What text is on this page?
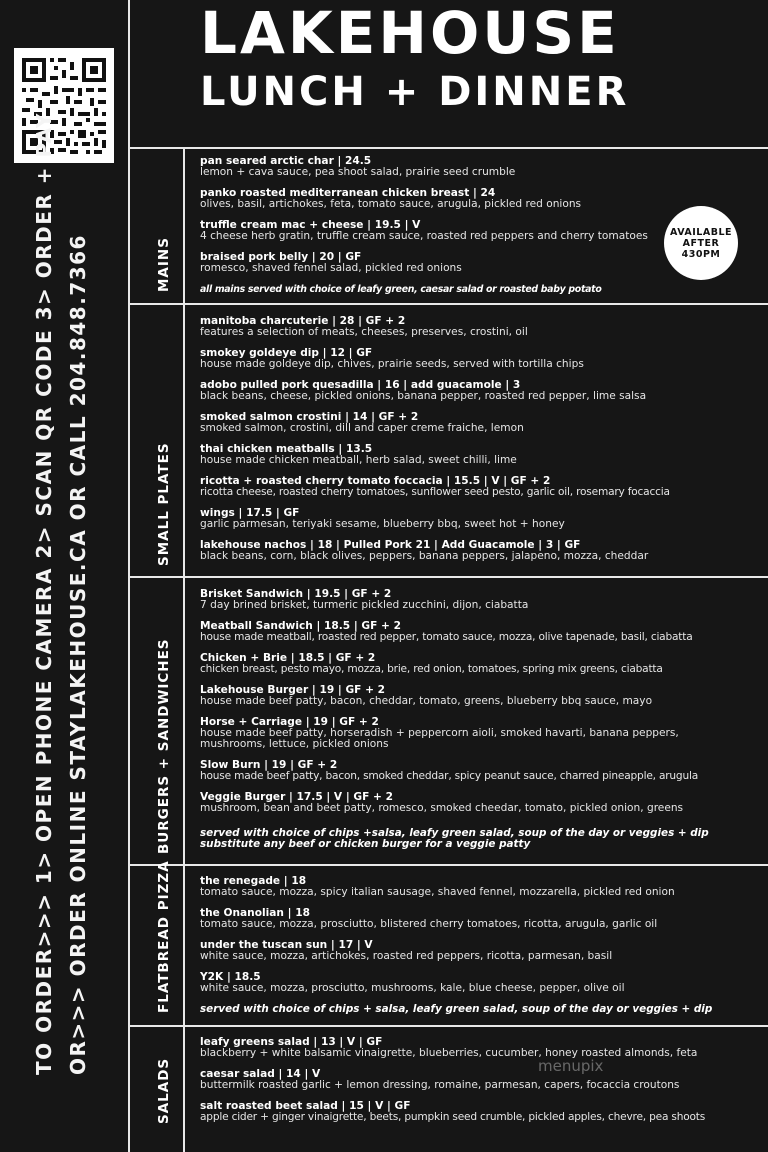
TO ORDER>>> 1> OPEN PHONE CAMERA 2> SCAN QR CODE 3> ORDER + PAY OR>>> ORDER ONLINE STAYLAKEHOUSE.CA OR CALL 204.848.7366
LAKEHOUSE
LUNCH + DINNER
MAINS
SMALL PLATES
BURGERS + SANDWICHES
FLATBREAD PIZZA
SALADS
pan seared arctic char | 24.5
lemon + cava sauce, pea shoot salad, prairie seed crumble
panko roasted mediterranean chicken breast | 24
olives, basil, artichokes, feta, tomato sauce, arugula, pickled red onions
truffle cream mac + cheese | 19.5 | V
4 cheese herb gratin, truffle cream sauce, roasted red peppers and cherry tomatoes
braised pork belly | 20 | GF
romesco, shaved fennel salad, pickled red onions
all mains served with choice of leafy green, caesar salad or roasted baby potato
AVAILABLE
AFTER
430PM
manitoba charcuterie | 28 | GF + 2
features a selection of meats, cheeses, preserves, crostini, oil
smokey goldeye dip | 12 | GF
house made goldeye dip, chives, prairie seeds, served with tortilla chips
adobo pulled pork quesadilla | 16 | add guacamole | 3
black beans, cheese, pickled onions, banana pepper, roasted red pepper, lime salsa
smoked salmon crostini | 14 | GF + 2
smoked salmon, crostini, dill and caper creme fraiche, lemon
thai chicken meatballs | 13.5
house made chicken meatball, herb salad, sweet chilli, lime
ricotta + roasted cherry tomato foccacia | 15.5 | V | GF + 2
ricotta cheese, roasted cherry tomatoes, sunflower seed pesto, garlic oil, rosemary focaccia
wings | 17.5 | GF
garlic parmesan, teriyaki sesame, blueberry bbq, sweet hot + honey
lakehouse nachos | 18 | Pulled Pork 21 | Add Guacamole | 3 | GF
black beans, corn, black olives, peppers, banana peppers, jalapeno, mozza, cheddar
Brisket Sandwich | 19.5 | GF + 2
7 day brined brisket, turmeric pickled zucchini, dijon, ciabatta
Meatball Sandwich | 18.5 | GF + 2
house made meatball, roasted red pepper, tomato sauce, mozza, olive tapenade, basil, ciabatta
Chicken + Brie | 18.5 | GF + 2
chicken breast, pesto mayo, mozza, brie, red onion, tomatoes, spring mix greens, ciabatta
Lakehouse Burger | 19 | GF + 2
house made beef patty, bacon, cheddar, tomato, greens, blueberry bbq sauce, mayo
Horse + Carriage | 19 | GF + 2
house made beef patty, horseradish + peppercorn aioli, smoked havarti, banana peppers,
mushrooms, lettuce, pickled onions
Slow Burn | 19 | GF + 2
house made beef patty, bacon, smoked cheddar, spicy peanut sauce, charred pineapple, arugula
Veggie Burger | 17.5 | V | GF + 2
mushroom, bean and beet patty, romesco, smoked cheedar, tomato, pickled onion, greens
served with choice of chips +salsa, leafy green salad, soup of the day or veggies + dip
substitute any beef or chicken burger for a veggie patty
the renegade | 18
tomato sauce, mozza, spicy italian sausage, shaved fennel, mozzarella, pickled red onion
the Onanolian | 18
tomato sauce, mozza, prosciutto, blistered cherry tomatoes, ricotta, arugula, garlic oil
under the tuscan sun | 17 | V
white sauce, mozza, artichokes, roasted red peppers, ricotta, parmesan, basil
Y2K | 18.5
white sauce, mozza, prosciutto, mushrooms, kale, blue cheese, pepper, olive oil
served with choice of chips + salsa, leafy green salad, soup of the day or veggies + dip
leafy greens salad | 13 | V | GF
blackberry + white balsamic vinaigrette, blueberries, cucumber, honey roasted almonds, feta
caesar salad | 14 | V
buttermilk roasted garlic + lemon dressing, romaine, parmesan, capers, focaccia croutons
salt roasted beet salad | 15 | V | GF
apple cider + ginger vinaigrette, beets, pumpkin seed crumble, pickled apples, chevre, pea shoots
menupix
